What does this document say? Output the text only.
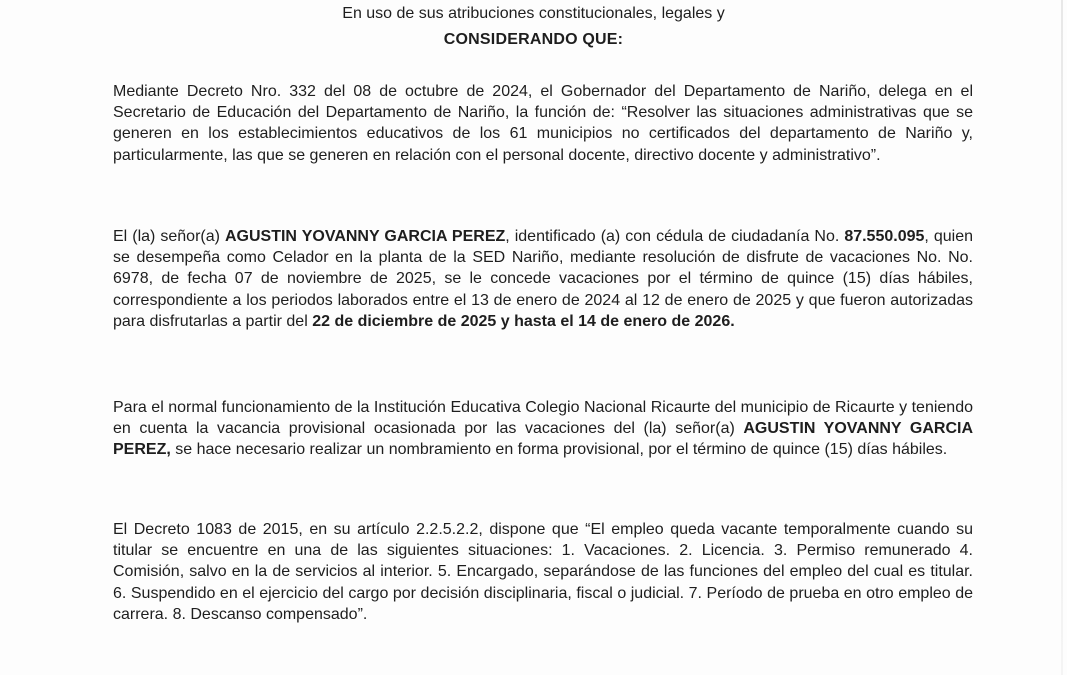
En uso de sus atribuciones constitucionales, legales y

CONSIDERANDO QUE:

Mediante Decreto Nro. 332 del 08 de octubre de 2024, el Gobernador del Departamento de Nariño, delega en el Secretario de Educación del Departamento de Nariño, la función de: “Resolver las situaciones administrativas que se generen en los establecimientos educativos de los 61 municipios no certificados del departamento de Nariño y, particularmente, las que se generen en relación con el personal docente, directivo docente y administrativo”.

El (la) señor(a) AGUSTIN YOVANNY GARCIA PEREZ, identificado (a) con cédula de ciudadanía No. 87.550.095, quien se desempeña como Celador en la planta de la SED Nariño, mediante resolución de disfrute de vacaciones No. No. 6978, de fecha 07 de noviembre de 2025, se le concede vacaciones por el término de quince (15) días hábiles, correspondiente a los periodos laborados entre el 13 de enero de 2024 al 12 de enero de 2025 y que fueron autorizadas para disfrutarlas a partir del 22 de diciembre de 2025 y hasta el 14 de enero de 2026.

Para el normal funcionamiento de la Institución Educativa Colegio Nacional Ricaurte del municipio de Ricaurte y teniendo en cuenta la vacancia provisional ocasionada por las vacaciones del (la) señor(a) AGUSTIN YOVANNY GARCIA PEREZ, se hace necesario realizar un nombramiento en forma provisional, por el término de quince (15) días hábiles.

El Decreto 1083 de 2015, en su artículo 2.2.5.2.2, dispone que “El empleo queda vacante temporalmente cuando su titular se encuentre en una de las siguientes situaciones: 1. Vacaciones. 2. Licencia. 3. Permiso remunerado 4. Comisión, salvo en la de servicios al interior. 5. Encargado, separándose de las funciones del empleo del cual es titular. 6. Suspendido en el ejercicio del cargo por decisión disciplinaria, fiscal o judicial. 7. Período de prueba en otro empleo de carrera. 8. Descanso compensado”.
